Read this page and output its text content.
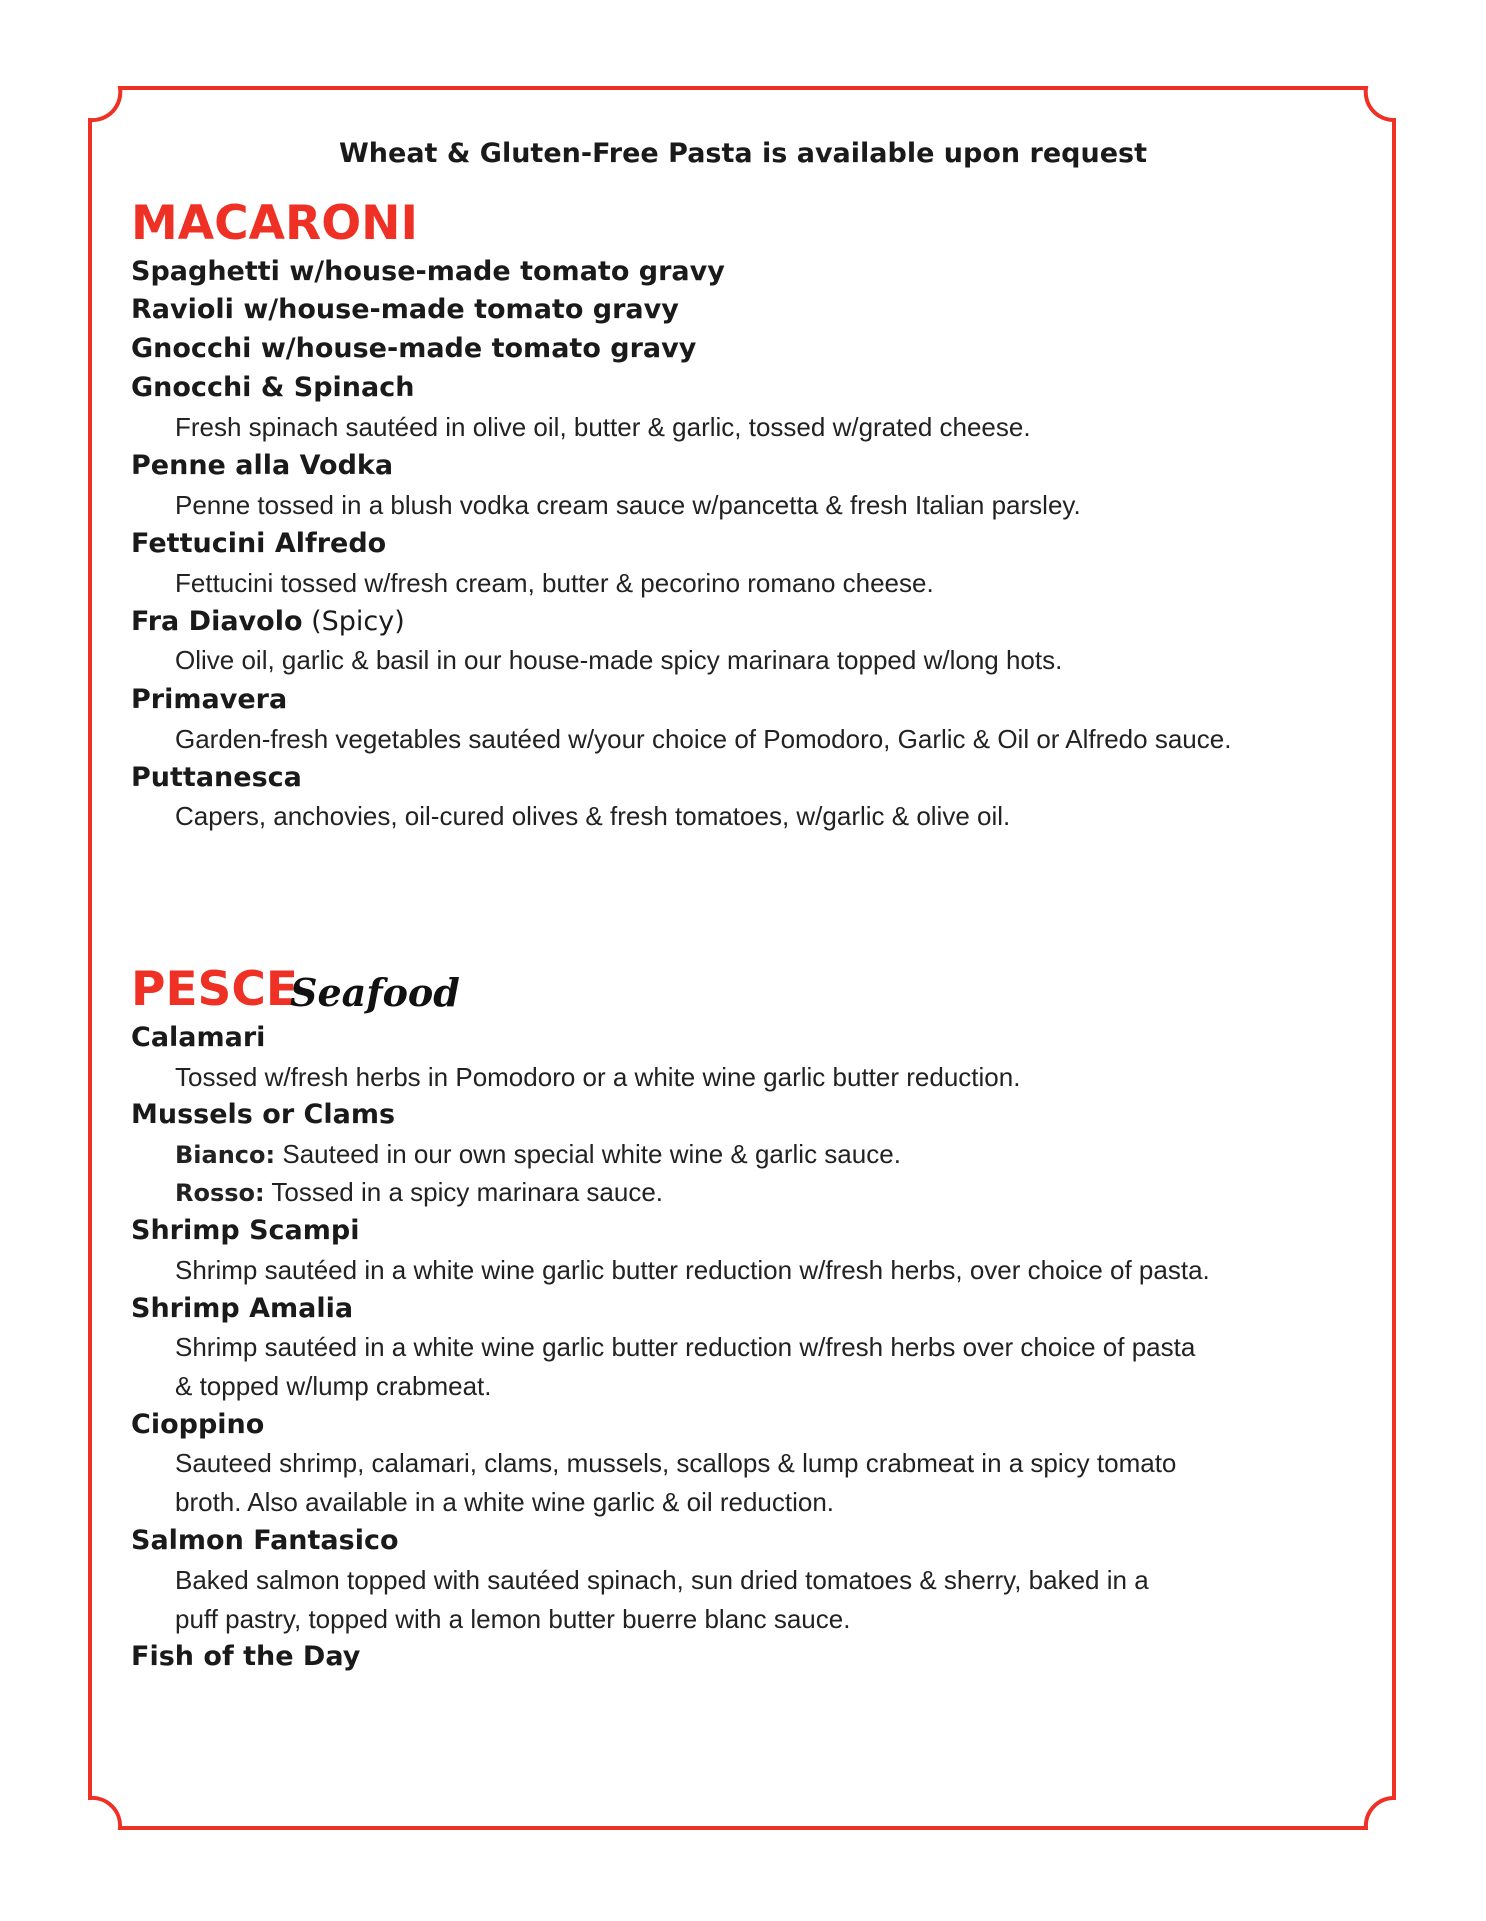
Wheat & Gluten-Free Pasta is available upon request
MACARONI
Spaghetti w/house-made tomato gravy
Ravioli w/house-made tomato gravy
Gnocchi w/house-made tomato gravy
Gnocchi & Spinach
Fresh spinach sautéed in olive oil, butter & garlic, tossed w/grated cheese.
Penne alla Vodka
Penne tossed in a blush vodka cream sauce w/pancetta & fresh Italian parsley.
Fettucini Alfredo
Fettucini tossed w/fresh cream, butter & pecorino romano cheese.
Fra Diavolo (Spicy)
Olive oil, garlic & basil in our house-made spicy marinara topped w/long hots.
Primavera
Garden-fresh vegetables sautéed w/your choice of Pomodoro, Garlic & Oil or Alfredo sauce.
Puttanesca
Capers, anchovies, oil-cured olives & fresh tomatoes, w/garlic & olive oil.
PESCE
Seafood
Calamari
Tossed w/fresh herbs in Pomodoro or a white wine garlic butter reduction.
Mussels or Clams
Bianco: Sauteed in our own special white wine & garlic sauce.
Rosso: Tossed in a spicy marinara sauce.
Shrimp Scampi
Shrimp sautéed in a white wine garlic butter reduction w/fresh herbs, over choice of pasta.
Shrimp Amalia
Shrimp sautéed in a white wine garlic butter reduction w/fresh herbs over choice of pasta
& topped w/lump crabmeat.
Cioppino
Sauteed shrimp, calamari, clams, mussels, scallops & lump crabmeat in a spicy tomato
broth. Also available in a white wine garlic & oil reduction.
Salmon Fantasico
Baked salmon topped with sautéed spinach, sun dried tomatoes & sherry, baked in a
puff pastry, topped with a lemon butter buerre blanc sauce.
Fish of the Day
